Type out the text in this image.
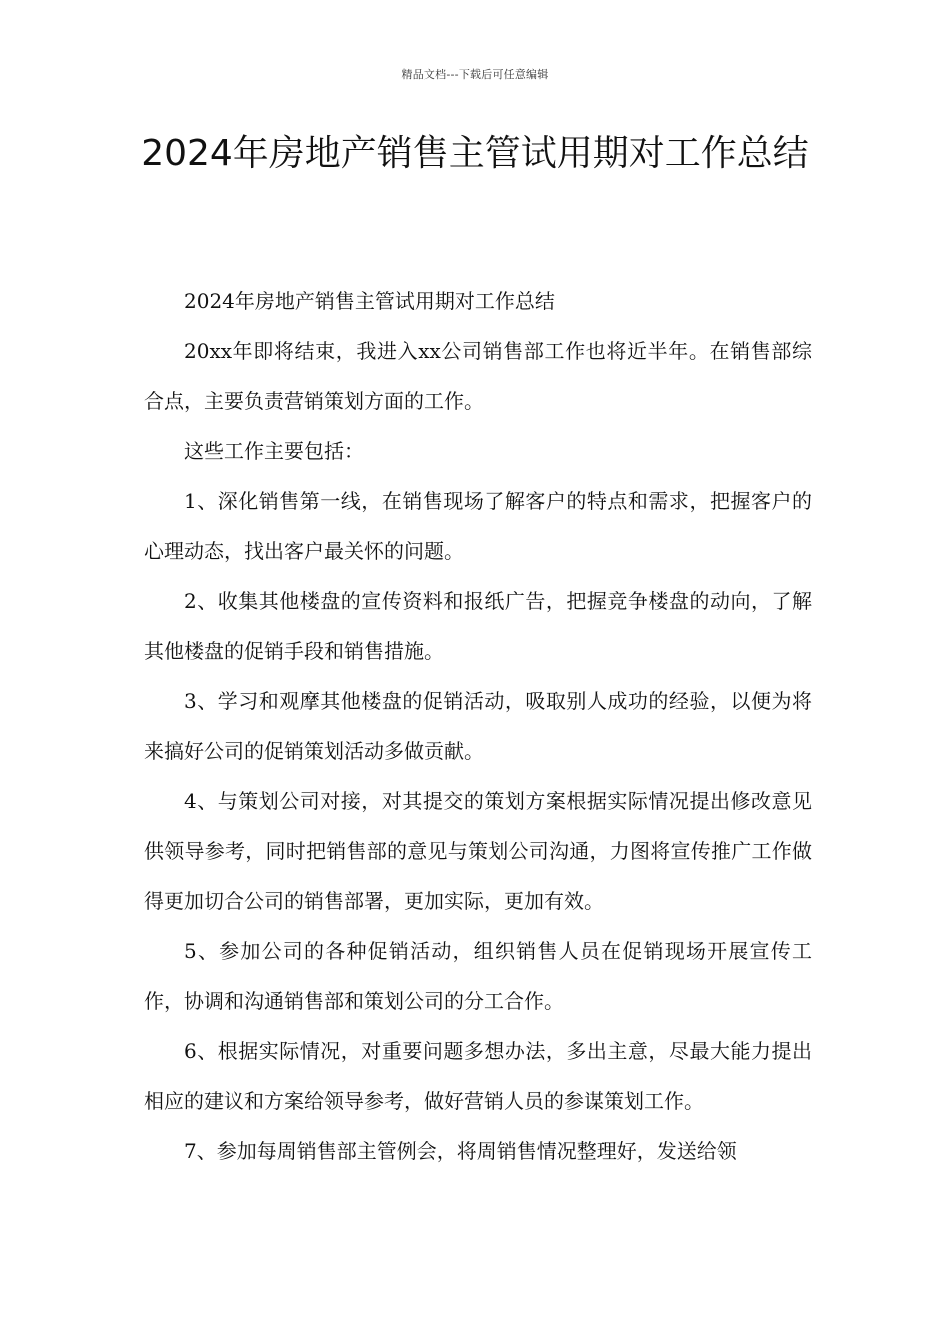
精品文档---下载后可任意编辑
2024年房地产销售主管试用期对工作总结

2024年房地产销售主管试用期对工作总结

20xx年即将结束，我进入xx公司销售部工作也将近半年。在销售部综合点，主要负责营销策划方面的工作。

这些工作主要包括：

1、深化销售第一线，在销售现场了解客户的特点和需求，把握客户的心理动态，找出客户最关怀的问题。

2、收集其他楼盘的宣传资料和报纸广告，把握竞争楼盘的动向，了解其他楼盘的促销手段和销售措施。

3、学习和观摩其他楼盘的促销活动，吸取别人成功的经验，以便为将来搞好公司的促销策划活动多做贡献。

4、与策划公司对接，对其提交的策划方案根据实际情况提出修改意见供领导参考，同时把销售部的意见与策划公司沟通，力图将宣传推广工作做得更加切合公司的销售部署，更加实际，更加有效。

5、参加公司的各种促销活动，组织销售人员在促销现场开展宣传工作，协调和沟通销售部和策划公司的分工合作。

6、根据实际情况，对重要问题多想办法，多出主意，尽最大能力提出相应的建议和方案给领导参考，做好营销人员的参谋策划工作。

7、参加每周销售部主管例会，将周销售情况整理好，发送给领
